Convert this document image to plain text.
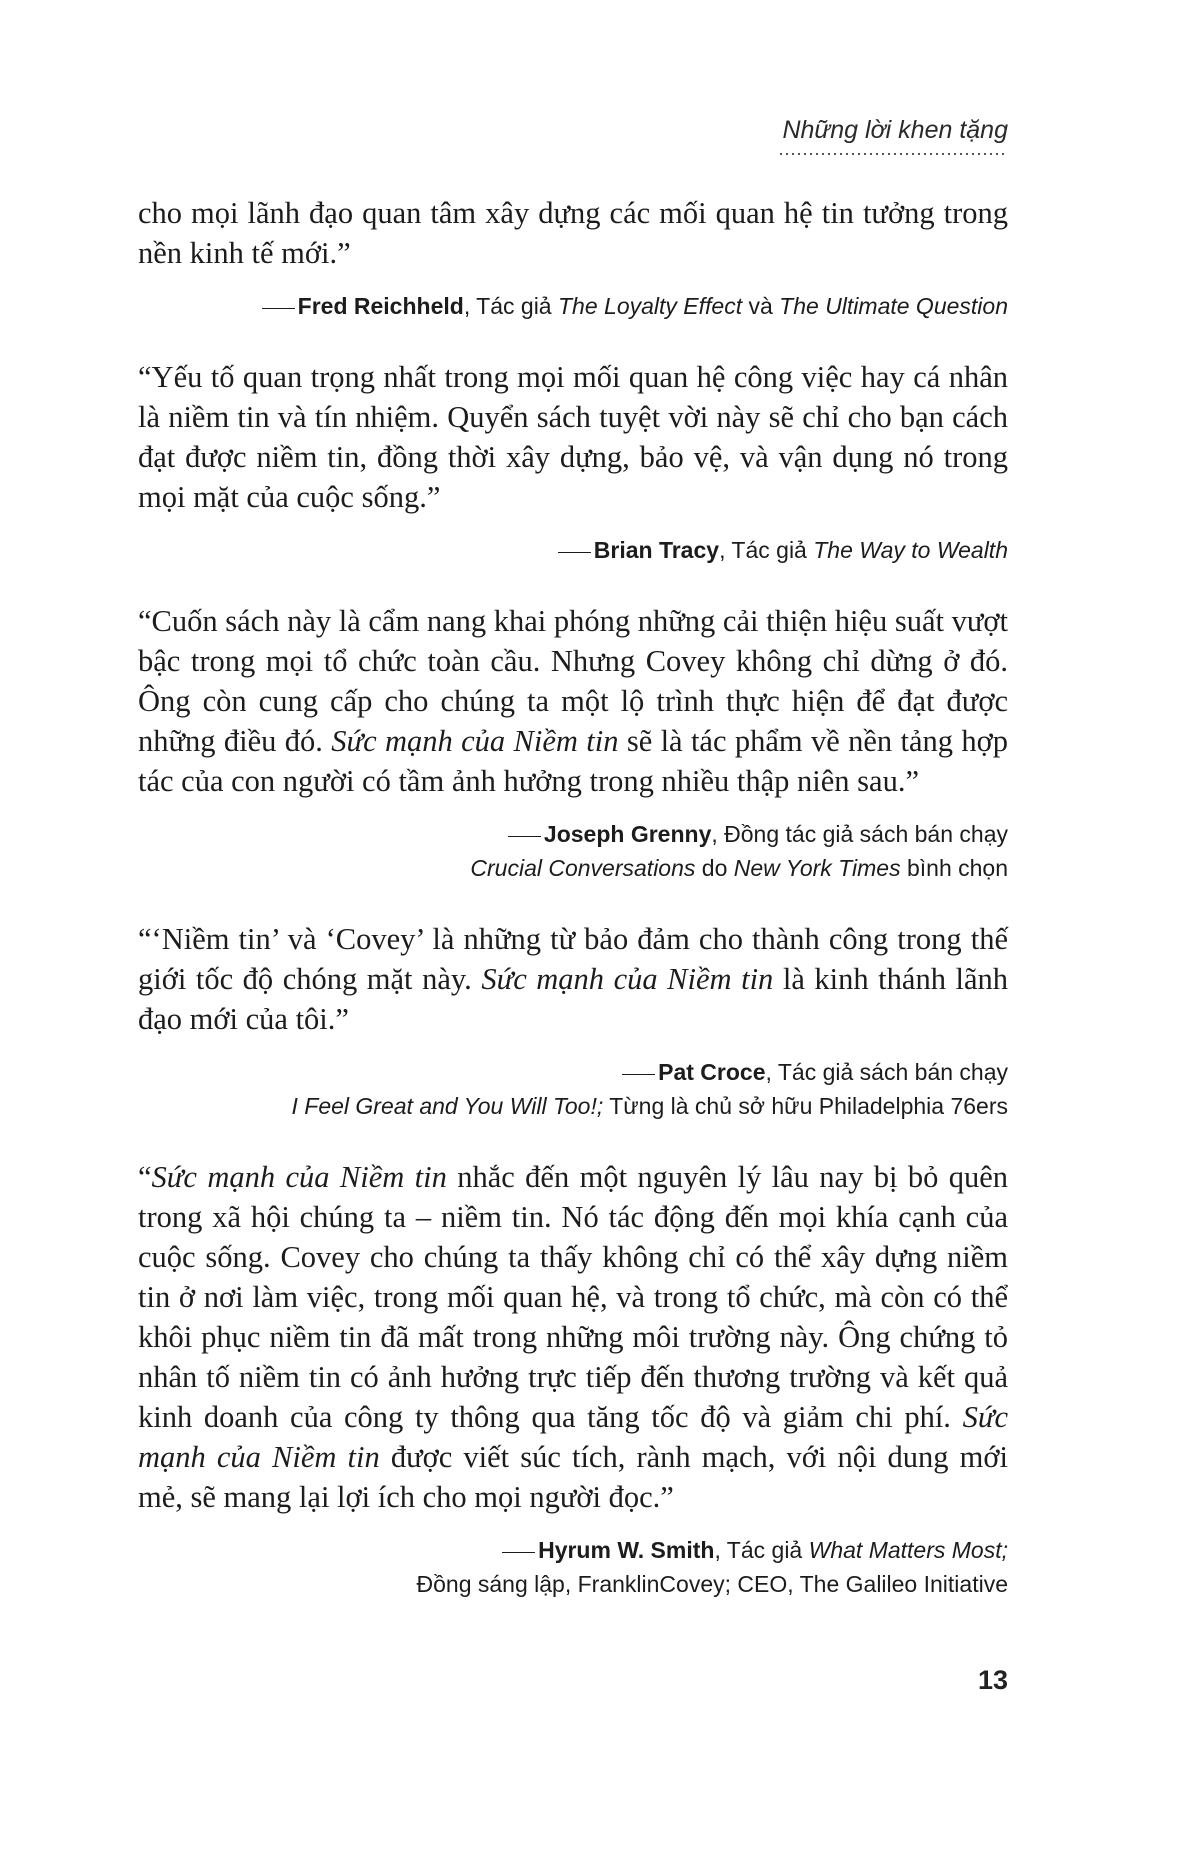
Những lời khen tặng

cho mọi lãnh đạo quan tâm xây dựng các mối quan hệ tin tưởng trong nền kinh tế mới.”

Fred Reichheld, Tác giả The Loyalty Effect và The Ultimate Question

“Yếu tố quan trọng nhất trong mọi mối quan hệ công việc hay cá nhân là niềm tin và tín nhiệm. Quyển sách tuyệt vời này sẽ chỉ cho bạn cách đạt được niềm tin, đồng thời xây dựng, bảo vệ, và vận dụng nó trong mọi mặt của cuộc sống.”

Brian Tracy, Tác giả The Way to Wealth

“Cuốn sách này là cẩm nang khai phóng những cải thiện hiệu suất vượt bậc trong mọi tổ chức toàn cầu. Nhưng Covey không chỉ dừng ở đó. Ông còn cung cấp cho chúng ta một lộ trình thực hiện để đạt được những điều đó. Sức mạnh của Niềm tin sẽ là tác phẩm về nền tảng hợp tác của con người có tầm ảnh hưởng trong nhiều thập niên sau.”

Joseph Grenny, Đồng tác giả sách bán chạy
Crucial Conversations do New York Times bình chọn

“‘Niềm tin’ và ‘Covey’ là những từ bảo đảm cho thành công trong thế giới tốc độ chóng mặt này. Sức mạnh của Niềm tin là kinh thánh lãnh đạo mới của tôi.”

Pat Croce, Tác giả sách bán chạy
I Feel Great and You Will Too!; Từng là chủ sở hữu Philadelphia 76ers

“Sức mạnh của Niềm tin nhắc đến một nguyên lý lâu nay bị bỏ quên trong xã hội chúng ta – niềm tin. Nó tác động đến mọi khía cạnh của cuộc sống. Covey cho chúng ta thấy không chỉ có thể xây dựng niềm tin ở nơi làm việc, trong mối quan hệ, và trong tổ chức, mà còn có thể khôi phục niềm tin đã mất trong những môi trường này. Ông chứng tỏ nhân tố niềm tin có ảnh hưởng trực tiếp đến thương trường và kết quả kinh doanh của công ty thông qua tăng tốc độ và giảm chi phí. Sức mạnh của Niềm tin được viết súc tích, rành mạch, với nội dung mới mẻ, sẽ mang lại lợi ích cho mọi người đọc.”

Hyrum W. Smith, Tác giả What Matters Most;
Đồng sáng lập, FranklinCovey; CEO, The Galileo Initiative
13
